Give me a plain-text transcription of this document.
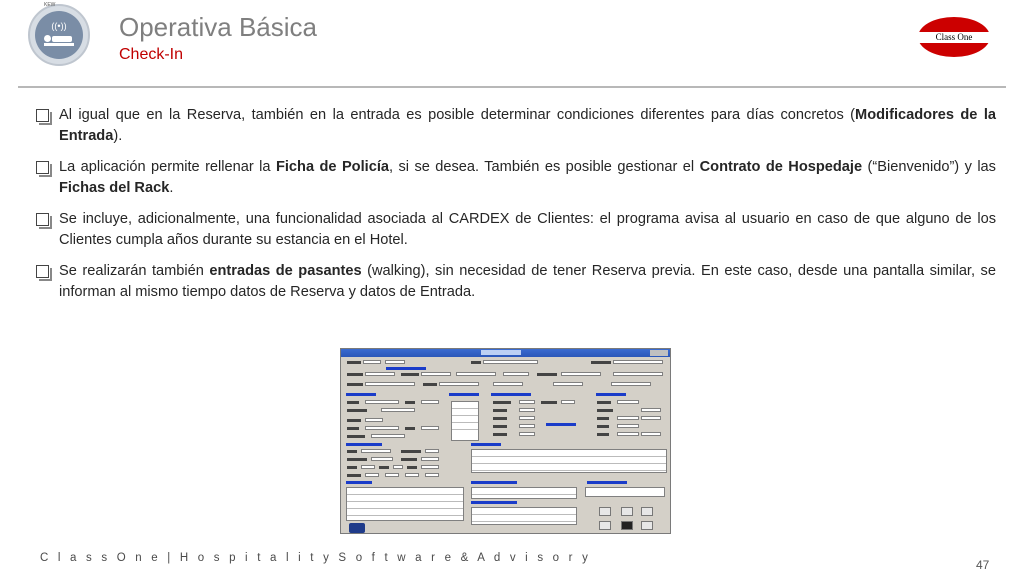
((•))
KEW
Operativa Básica
Check-In
Class One

Al igual que en la Reserva, también en la entrada es posible determinar condiciones diferentes para días concretos (Modificadores de la Entrada).

La aplicación permite rellenar la Ficha de Policía, si se desea. También es posible gestionar el Contrato de Hospedaje (“Bienvenido”) y las Fichas del Rack.

Se incluye, adicionalmente, una funcionalidad asociada al CARDEX de Clientes: el programa avisa al usuario en caso de que alguno de los Clientes cumpla años durante su estancia en el Hotel.

Se realizarán también entradas de pasantes (walking), sin necesidad de tener Reserva previa. En este caso, desde una pantalla similar, se informan al mismo tiempo datos de Reserva y datos de Entrada.

C l a s s O n e | H o s p i t a l i t y S o f t w a r e & A d v i s o r y	47
